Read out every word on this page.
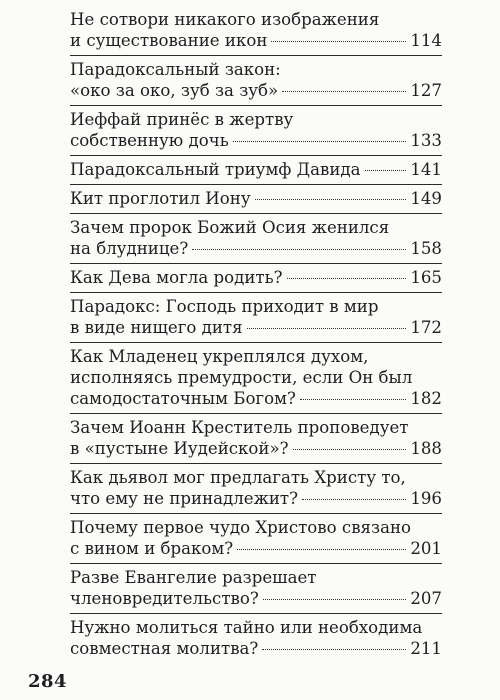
Не сотвори никакого изображения
и существование икон	114
Парадоксальный закон:
«око за око, зуб за зуб»	127
Иеффай принёс в жертву
собственную дочь	133
Парадоксальный триумф Давида	141
Кит проглотил Иону	149
Зачем пророк Божий Осия женился
на блуднице?	158
Как Дева могла родить?	165
Парадокс: Господь приходит в мир
в виде нищего дитя	172
Как Младенец укреплялся духом,
исполняясь премудрости, если Он был
самодостаточным Богом?	182
Зачем Иоанн Креститель проповедует
в «пустыне Иудейской»?	188
Как дьявол мог предлагать Христу то,
что ему не принадлежит?	196
Почему первое чудо Христово связано
с вином и браком?	201
Разве Евангелие разрешает
членовредительство?	207
Нужно молиться тайно или необходима
совместная молитва?	211
284
